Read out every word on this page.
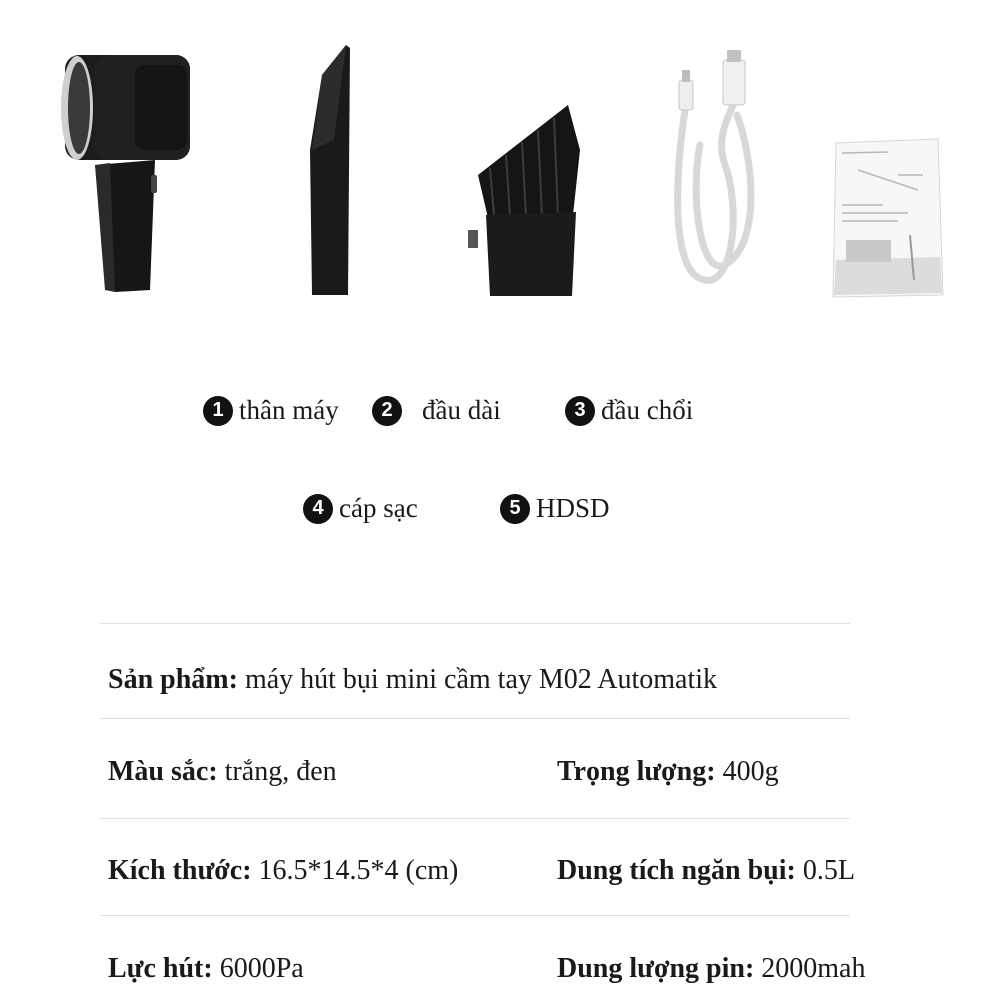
1 thân máy	2	đầu dài	3 đầu chổi
4 cáp sạc	5 HDSD
Sản phẩm: máy hút bụi mini cầm tay M02 Automatik
Màu sắc: trắng, đen	Trọng lượng: 400g
Kích thước: 16.5*14.5*4 (cm)	Dung tích ngăn bụi: 0.5L
Lực hút: 6000Pa	Dung lượng pin: 2000mah
